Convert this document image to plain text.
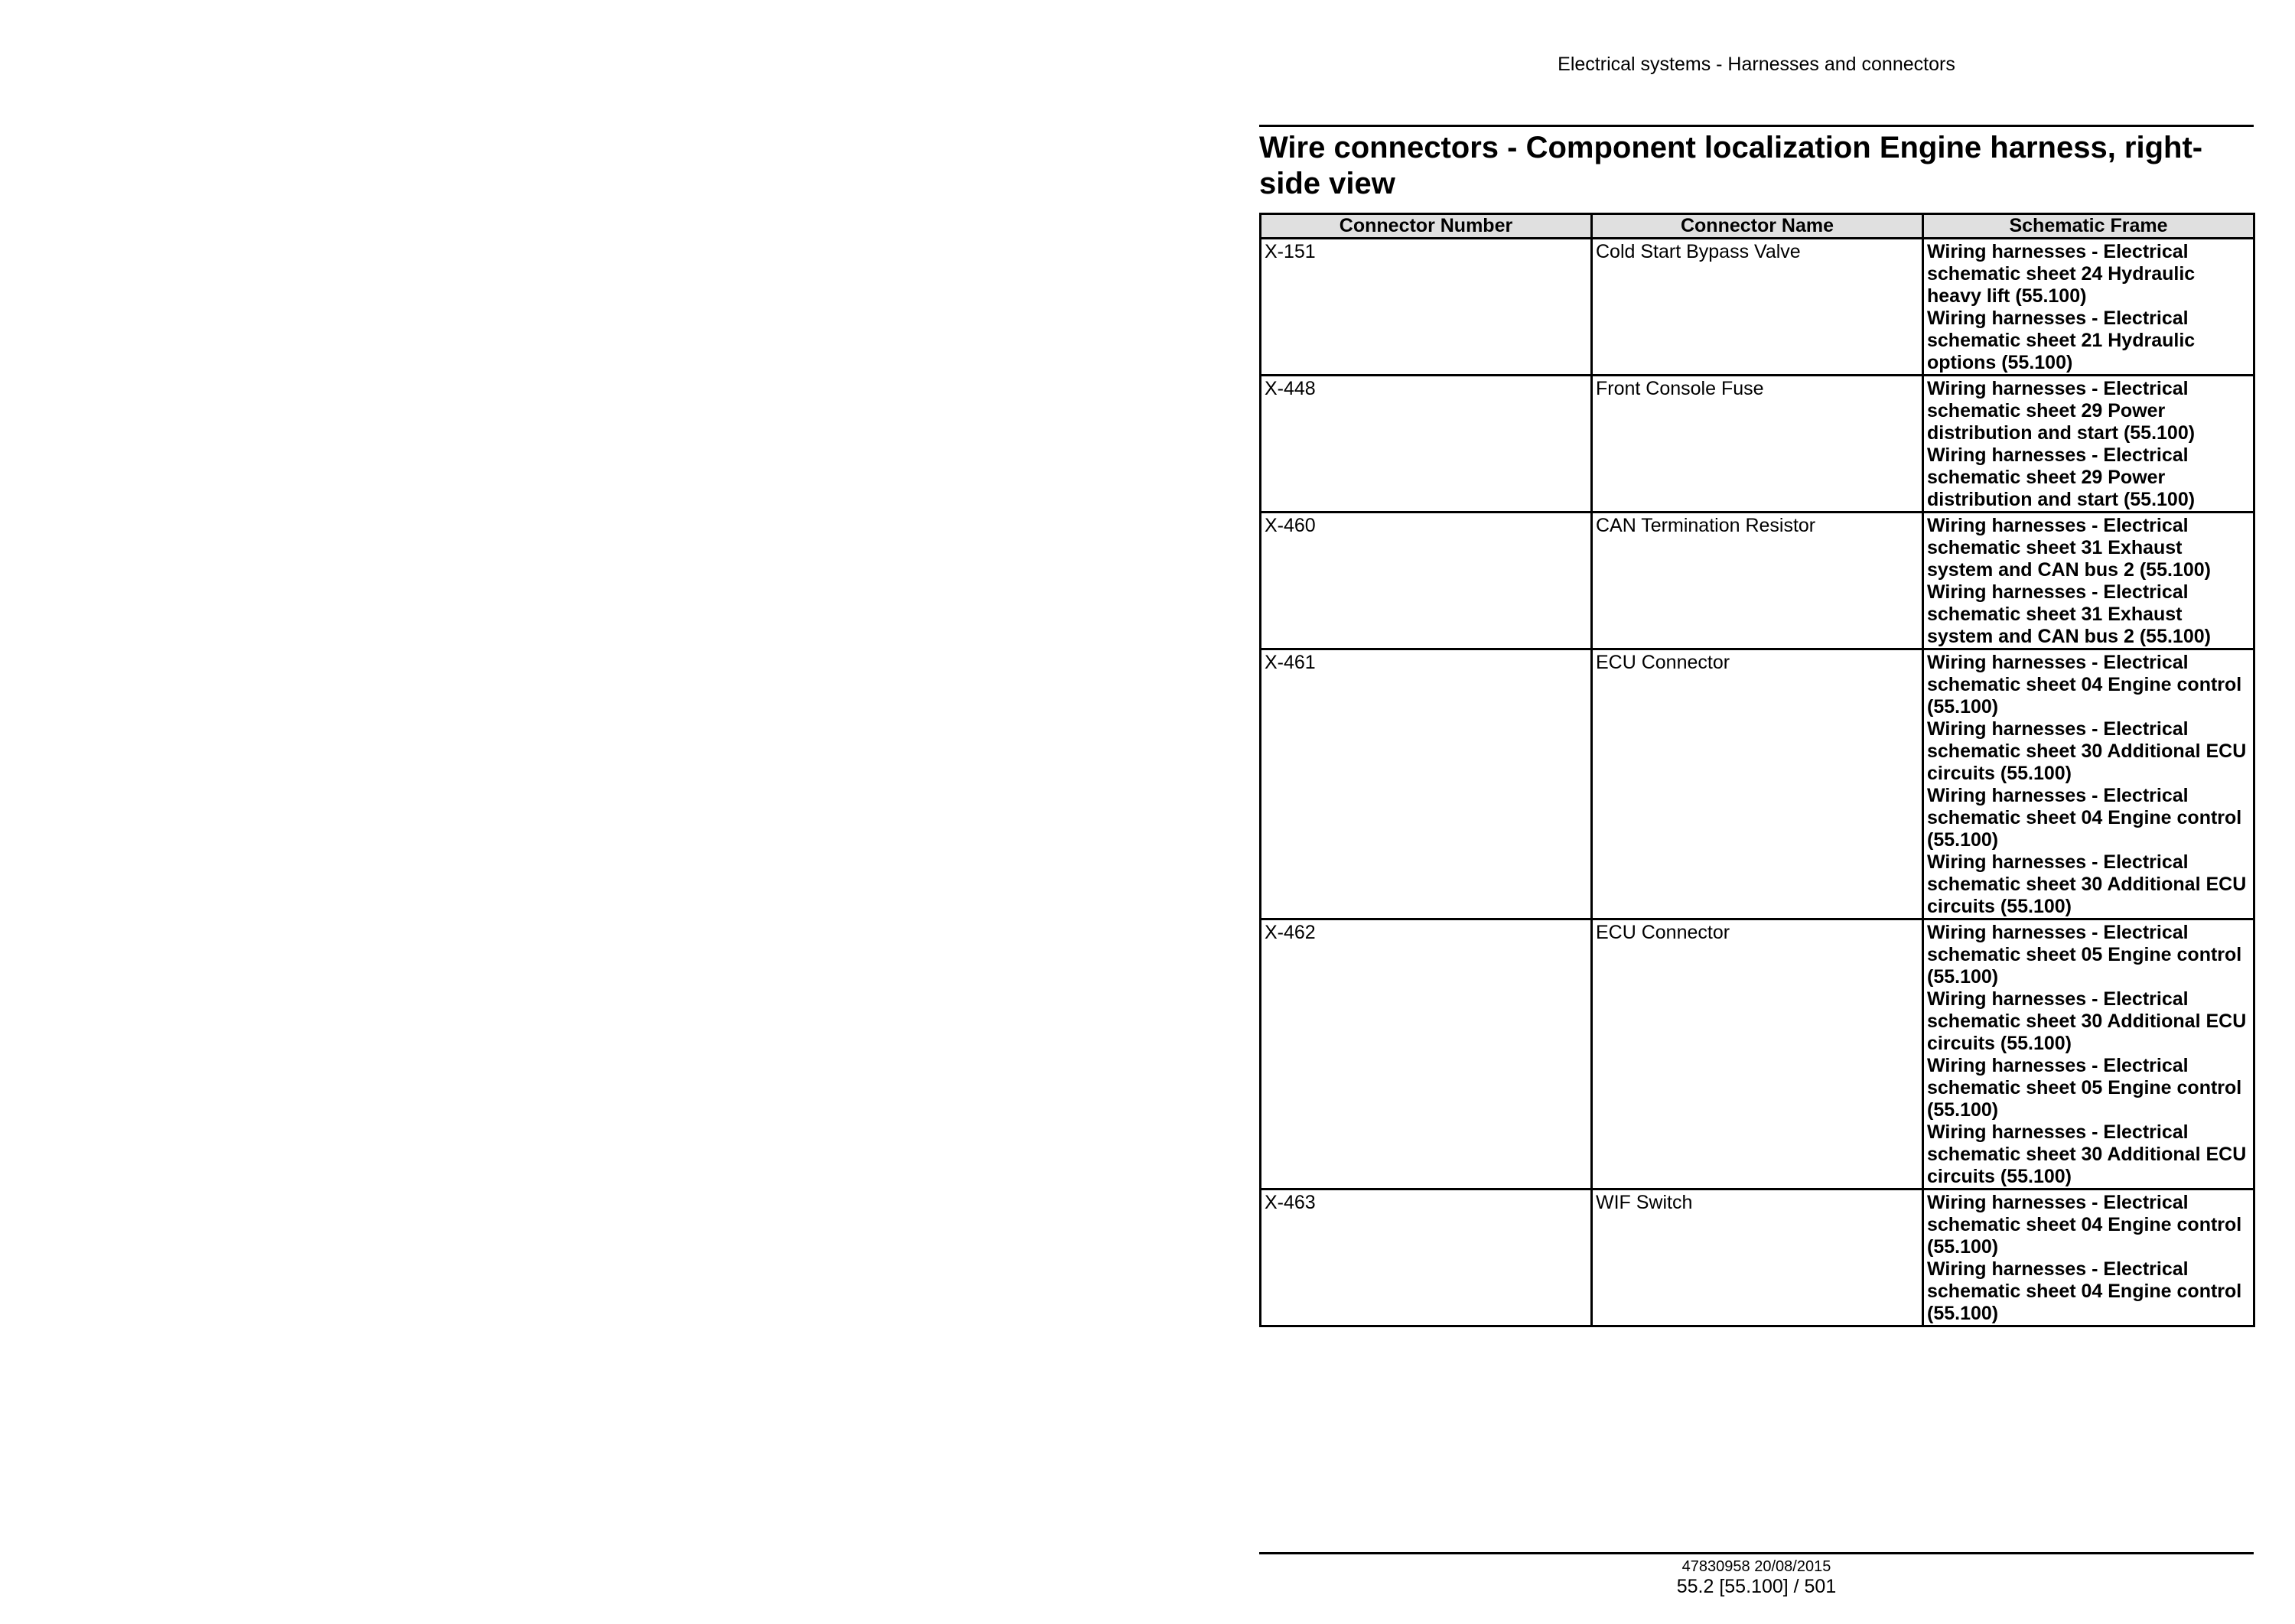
Electrical systems - Harnesses and connectors
Wire connectors - Component localization Engine harness, right-side view
Connector Number	Connector Name	Schematic Frame
X-151	Cold Start Bypass Valve	Wiring harnesses - Electrical schematic sheet 24 Hydraulic heavy lift (55.100)
Wiring harnesses - Electrical schematic sheet 21 Hydraulic options (55.100)

X-448	Front Console Fuse	Wiring harnesses - Electrical schematic sheet 29 Power distribution and start (55.100)
Wiring harnesses - Electrical schematic sheet 29 Power distribution and start (55.100)

X-460	CAN Termination Resistor	Wiring harnesses - Electrical schematic sheet 31 Exhaust system and CAN bus 2 (55.100)
Wiring harnesses - Electrical schematic sheet 31 Exhaust system and CAN bus 2 (55.100)

X-461	ECU Connector	Wiring harnesses - Electrical schematic sheet 04 Engine control (55.100)
Wiring harnesses - Electrical schematic sheet 30 Additional ECU circuits (55.100)
Wiring harnesses - Electrical schematic sheet 04 Engine control (55.100)
Wiring harnesses - Electrical schematic sheet 30 Additional ECU circuits (55.100)

X-462	ECU Connector	Wiring harnesses - Electrical schematic sheet 05 Engine control (55.100)
Wiring harnesses - Electrical schematic sheet 30 Additional ECU circuits (55.100)
Wiring harnesses - Electrical schematic sheet 05 Engine control (55.100)
Wiring harnesses - Electrical schematic sheet 30 Additional ECU circuits (55.100)

X-463	WIF Switch	Wiring harnesses - Electrical schematic sheet 04 Engine control (55.100)
Wiring harnesses - Electrical schematic sheet 04 Engine control (55.100)
47830958 20/08/2015
55.2 [55.100] / 501
